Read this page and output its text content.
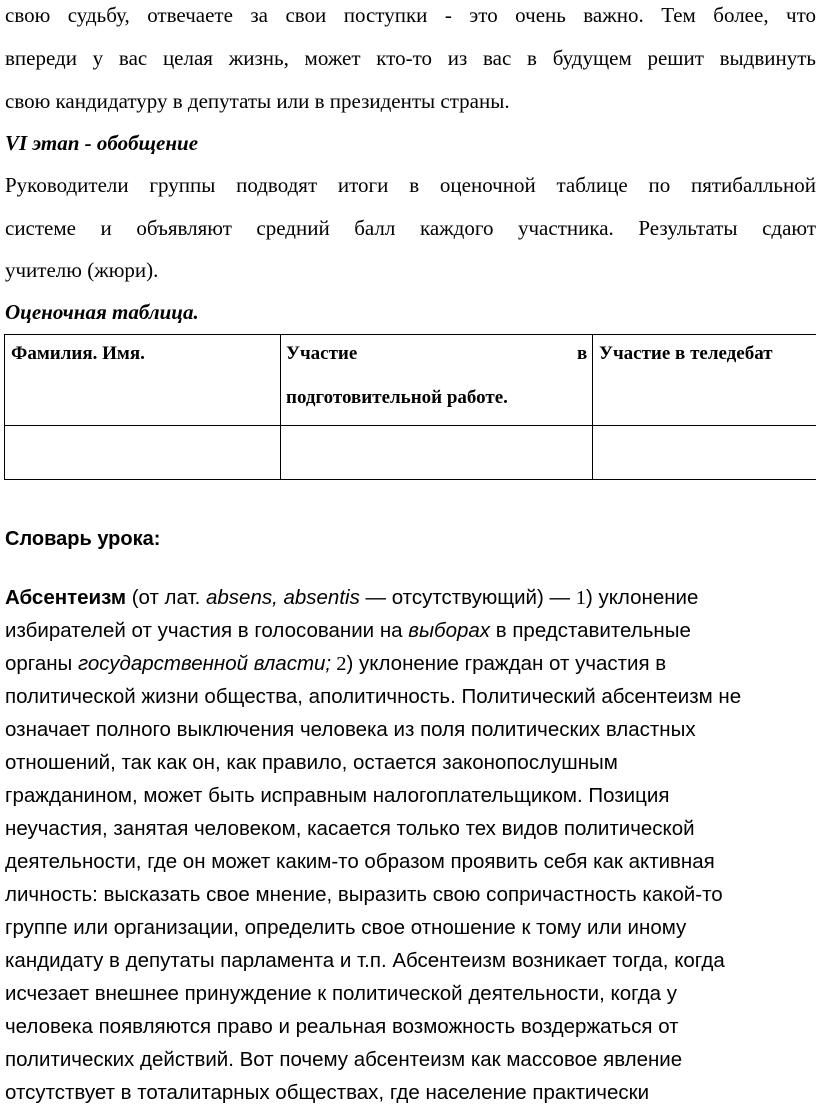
свою судьбу, отвечаете за свои поступки - это очень важно. Тем более, что
впереди у вас целая жизнь, может кто-то из вас в будущем решит выдвинуть
свою кандидатуру в депутаты или в президенты страны.
VI этап - обобщение
Руководители группы подводят итоги в оценочной таблице по пятибалльной
системе и объявляют средний балл каждого участника. Результаты сдают
учителю (жюри).
Оценочная таблица.
Фамилия. Имя.	Участие	в
подготовительной работе.
Участие в теледебат
Словарь урока:
Абсентеизм (от лат. absens, absentis — отсутствующий) — 1) уклонение
избирателей от участия в голосовании на выборах в представительные
органы государственной власти; 2) уклонение граждан от участия в
политической жизни общества, аполитичность. Политический абсентеизм не
означает полного выключения человека из поля политических властных
отношений, так как он, как правило, остается законопослушным
гражданином, может быть исправным налогоплательщиком. Позиция
неучастия, занятая человеком, касается только тех видов политической
деятельности, где он может каким-то образом проявить себя как активная
личность: высказать свое мнение, выразить свою сопричастность какой-то
группе или организации, определить свое отношение к тому или иному
кандидату в депутаты парламента и т.п. Абсентеизм возникает тогда, когда
исчезает внешнее принуждение к политической деятельности, когда у
человека появляются право и реальная возможность воздержаться от
политических действий. Вот почему абсентеизм как массовое явление
отсутствует в тоталитарных обществах, где население практически
